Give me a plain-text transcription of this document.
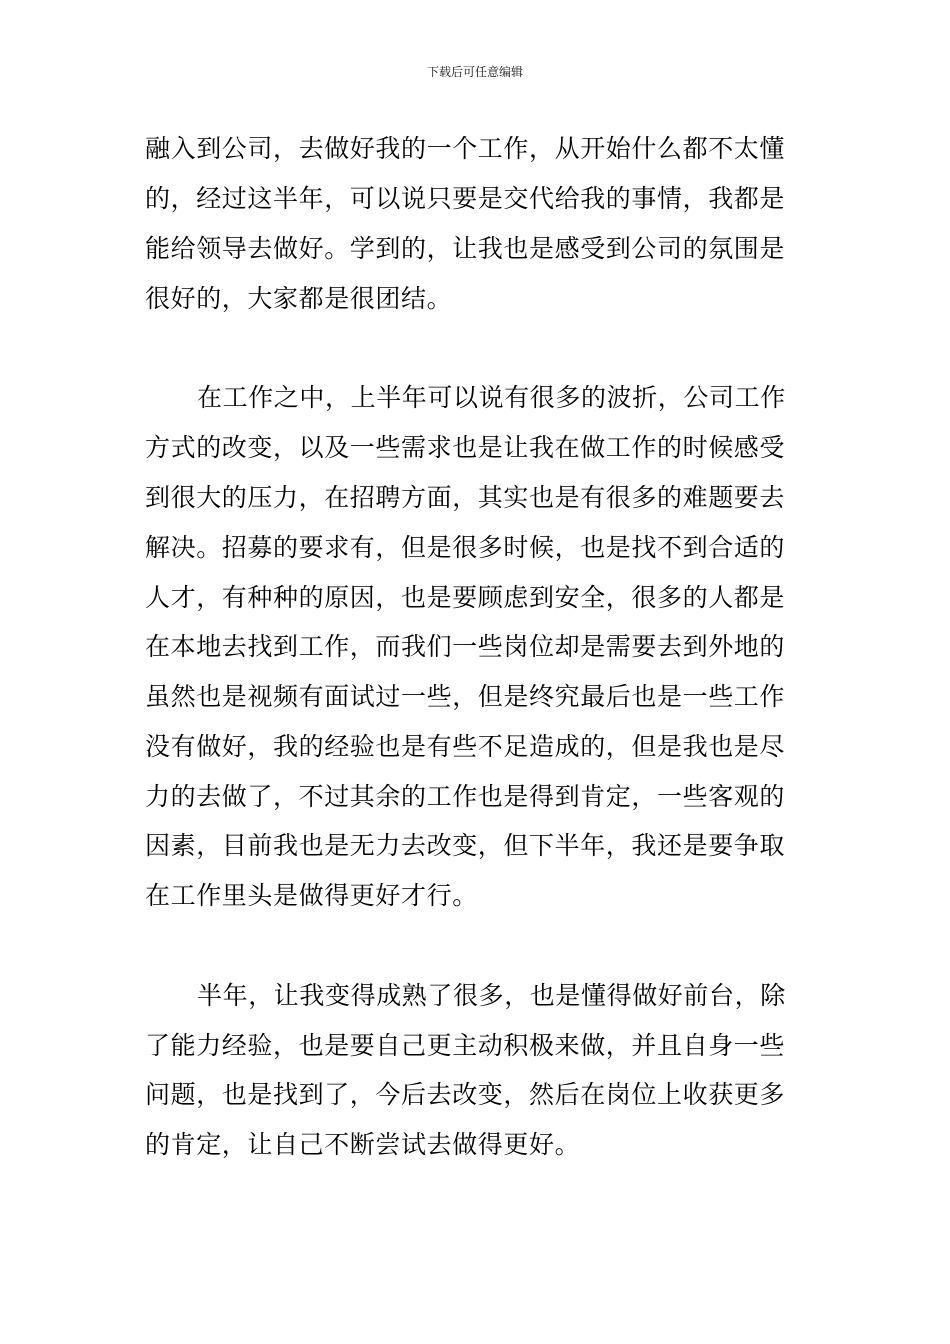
下载后可任意编辑
融入到公司，去做好我的一个工作，从开始什么都不太懂
的，经过这半年，可以说只要是交代给我的事情，我都是
能给领导去做好。学到的，让我也是感受到公司的氛围是
很好的，大家都是很团结。
在工作之中，上半年可以说有很多的波折，公司工作
方式的改变，以及一些需求也是让我在做工作的时候感受
到很大的压力，在招聘方面，其实也是有很多的难题要去
解决。招募的要求有，但是很多时候，也是找不到合适的
人才，有种种的原因，也是要顾虑到安全，很多的人都是
在本地去找到工作，而我们一些岗位却是需要去到外地的
虽然也是视频有面试过一些，但是终究最后也是一些工作
没有做好，我的经验也是有些不足造成的，但是我也是尽
力的去做了，不过其余的工作也是得到肯定，一些客观的
因素，目前我也是无力去改变，但下半年，我还是要争取
在工作里头是做得更好才行。
半年，让我变得成熟了很多，也是懂得做好前台，除
了能力经验，也是要自己更主动积极来做，并且自身一些
问题，也是找到了，今后去改变，然后在岗位上收获更多
的肯定，让自己不断尝试去做得更好。
